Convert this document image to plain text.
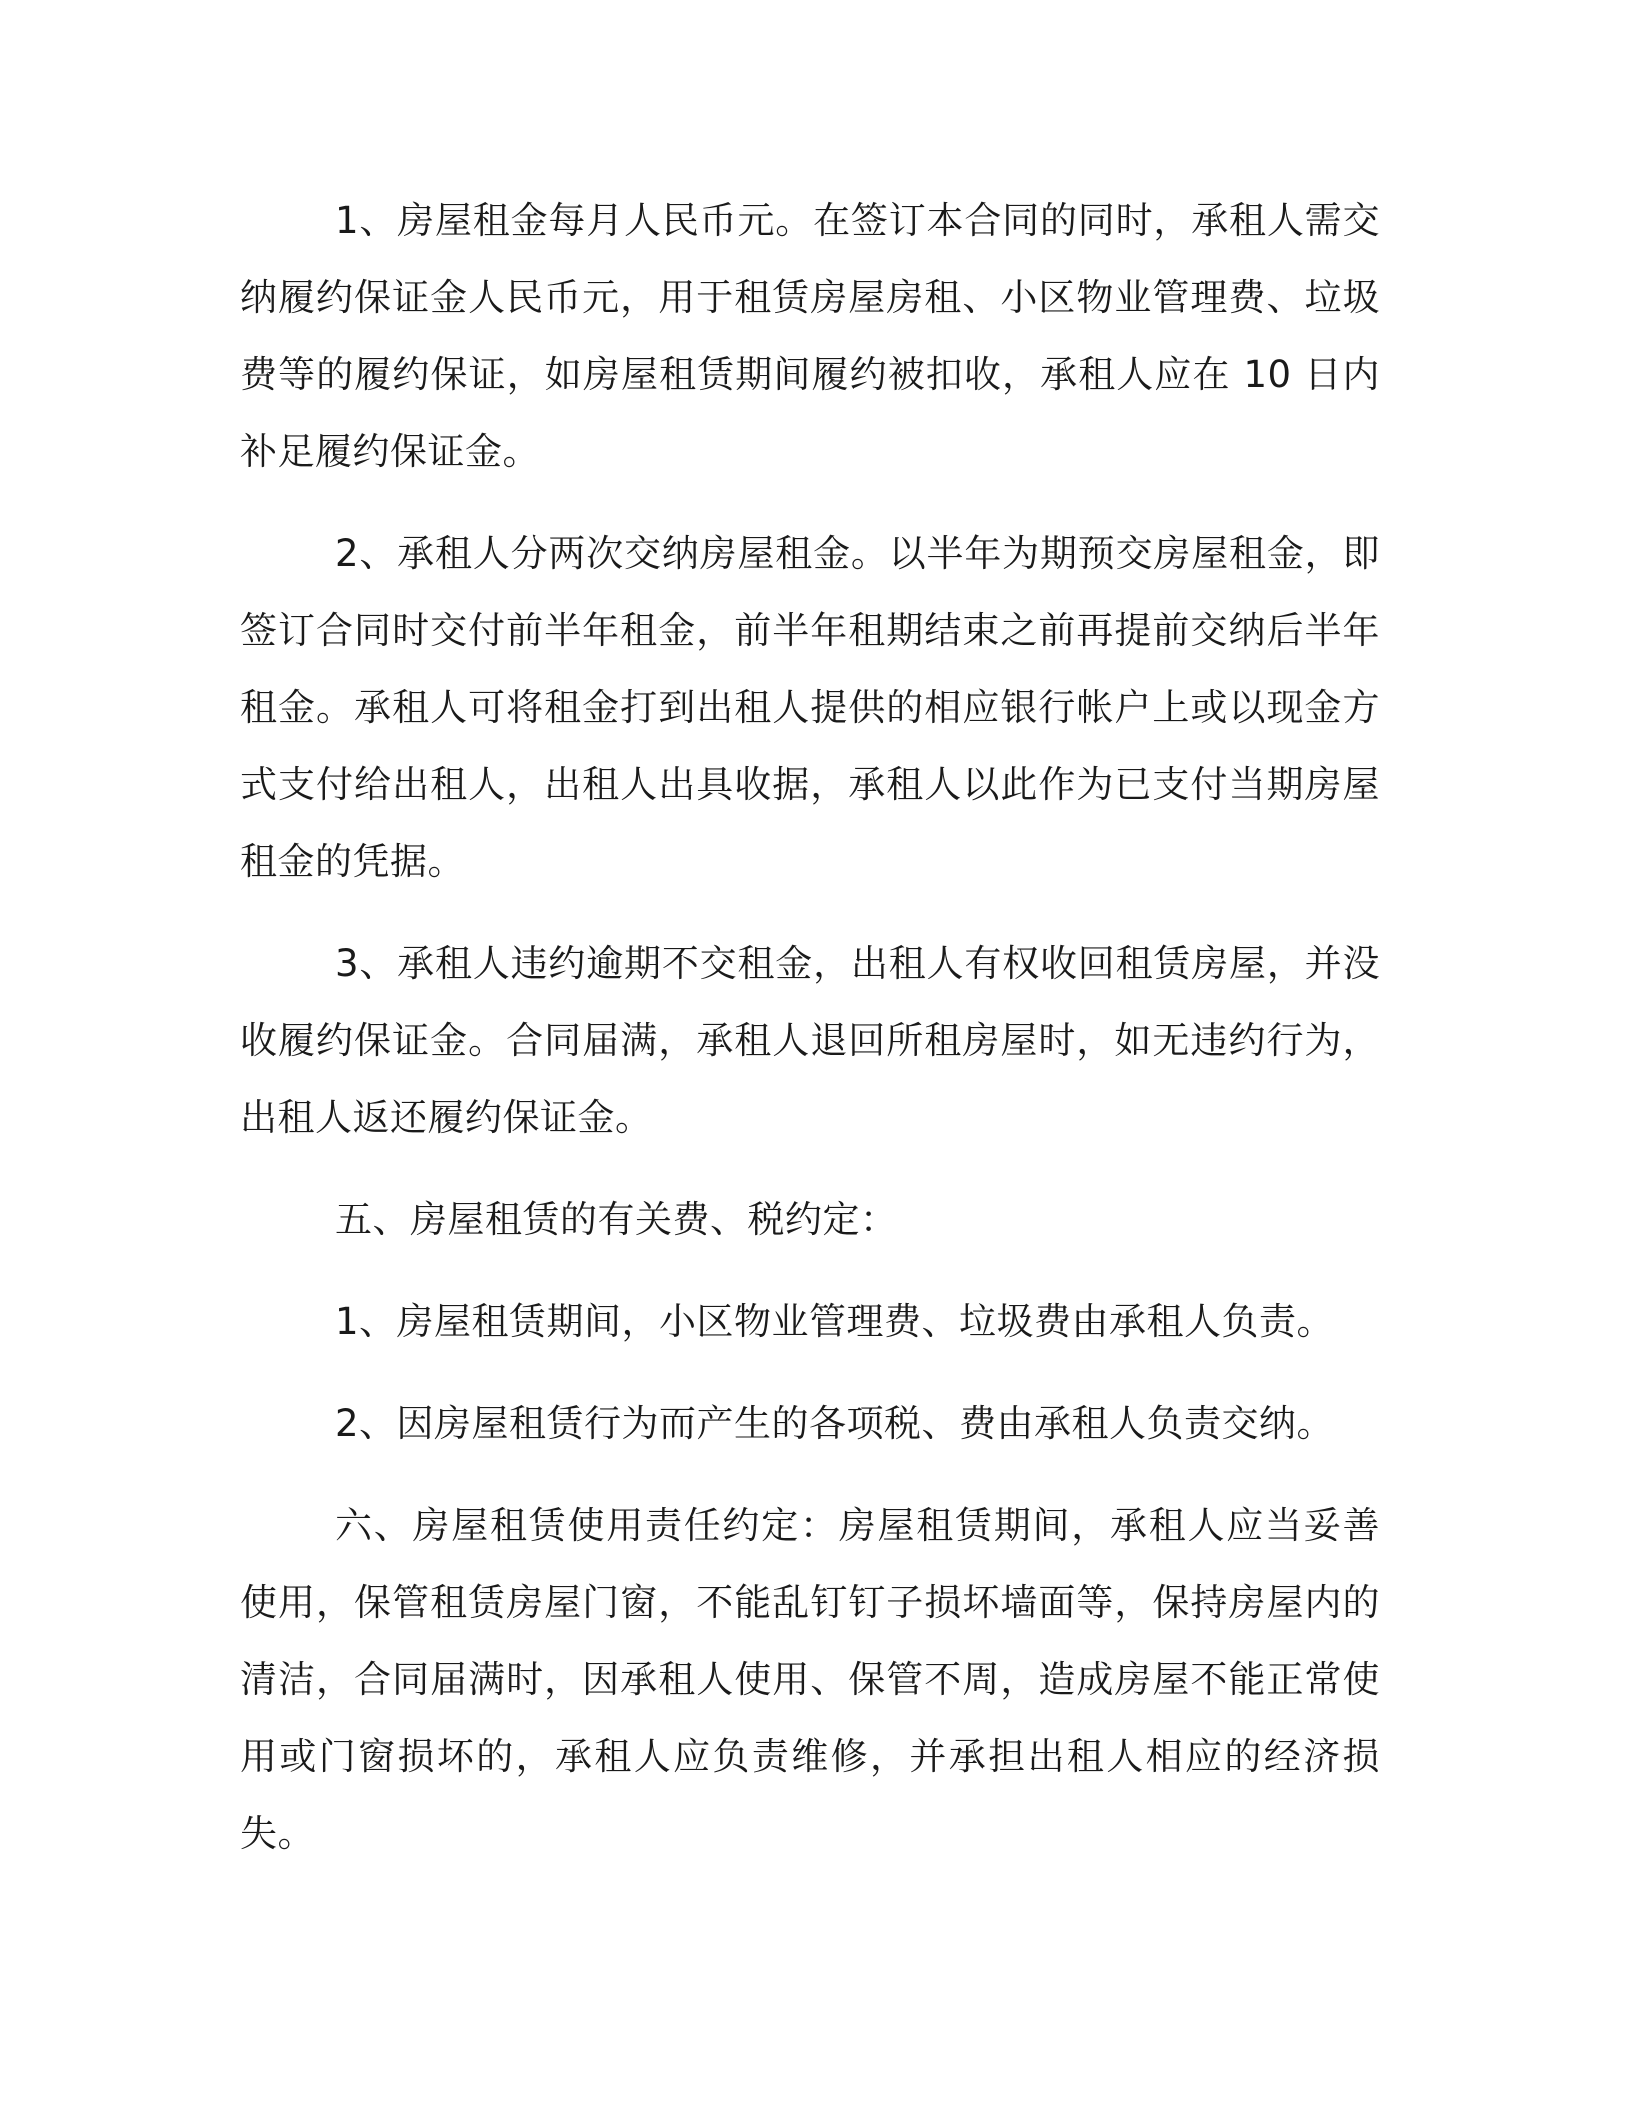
1、房屋租金每月人民币元。在签订本合同的同时，承租人需交纳履约保证金人民币元，用于租赁房屋房租、小区物业管理费、垃圾费等的履约保证，如房屋租赁期间履约被扣收，承租人应在 10 日内补足履约保证金。

2、承租人分两次交纳房屋租金。以半年为期预交房屋租金，即签订合同时交付前半年租金，前半年租期结束之前再提前交纳后半年租金。承租人可将租金打到出租人提供的相应银行帐户上或以现金方式支付给出租人，出租人出具收据，承租人以此作为已支付当期房屋租金的凭据。

3、承租人违约逾期不交租金，出租人有权收回租赁房屋，并没收履约保证金。合同届满，承租人退回所租房屋时，如无违约行为，出租人返还履约保证金。

五、房屋租赁的有关费、税约定：

1、房屋租赁期间，小区物业管理费、垃圾费由承租人负责。

2、因房屋租赁行为而产生的各项税、费由承租人负责交纳。

六、房屋租赁使用责任约定：房屋租赁期间，承租人应当妥善使用，保管租赁房屋门窗，不能乱钉钉子损坏墙面等，保持房屋内的清洁，合同届满时，因承租人使用、保管不周，造成房屋不能正常使用或门窗损坏的，承租人应负责维修，并承担出租人相应的经济损失。
